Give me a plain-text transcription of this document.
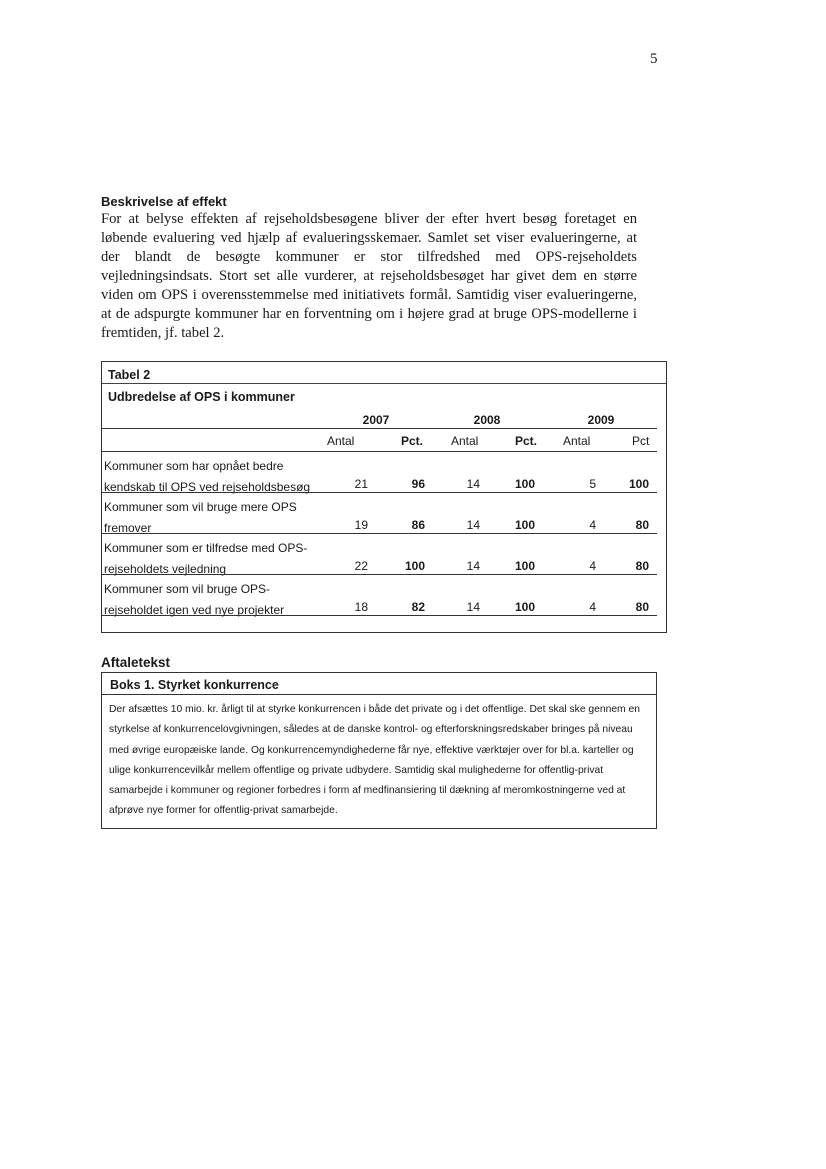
5
Beskrivelse af effekt

For at belyse effekten af rejseholdsbesøgene bliver der efter hvert besøg foretaget en løbende evaluering ved hjælp af evalueringsskemaer. Samlet set viser evalueringerne, at der blandt de besøgte kommuner er stor tilfredshed med OPS-rejseholdets vejledningsindsats. Stort set alle vurderer, at rejseholdsbesøget har givet dem en større viden om OPS i overensstemmelse med initiativets formål. Samtidig viser evalueringerne, at de adspurgte kommuner har en forventning om i højere grad at bruge OPS-modellerne i fremtiden, jf. tabel 2.

Tabel 2
Udbredelse af OPS i kommuner
2007	2008	2009
Antal	Pct. Antal	Pct. Antal	Pct
Kommuner som har opnået bedre kendskab til OPS ved rejseholdsbesøg	21	96	14	100	5	100
Kommuner som vil bruge mere OPS fremover	19	86	14	100	4	80
Kommuner som er tilfredse med OPS-rejseholdets vejledning	22	100	14	100	4	80
Kommuner som vil bruge OPS-rejseholdet igen ved nye projekter	18	82	14	100	4	80
Aftaletekst
Boks 1. Styrket konkurrence

Der afsættes 10 mio. kr. årligt til at styrke konkurrencen i både det private og i det offentlige. Det skal ske gennem en styrkelse af konkurrencelovgivningen, således at de danske kontrol- og efterforskningsredskaber bringes på niveau med øvrige europæiske lande. Og konkurrencemyndighederne får nye, effektive værktøjer over for bl.a. karteller og ulige konkurrencevilkår mellem offentlige og private udbydere. Samtidig skal mulighederne for offentlig-privat samarbejde i kommuner og regioner forbedres i form af medfinansiering til dækning af meromkostningerne ved at afprøve nye former for offentlig-privat samarbejde.
